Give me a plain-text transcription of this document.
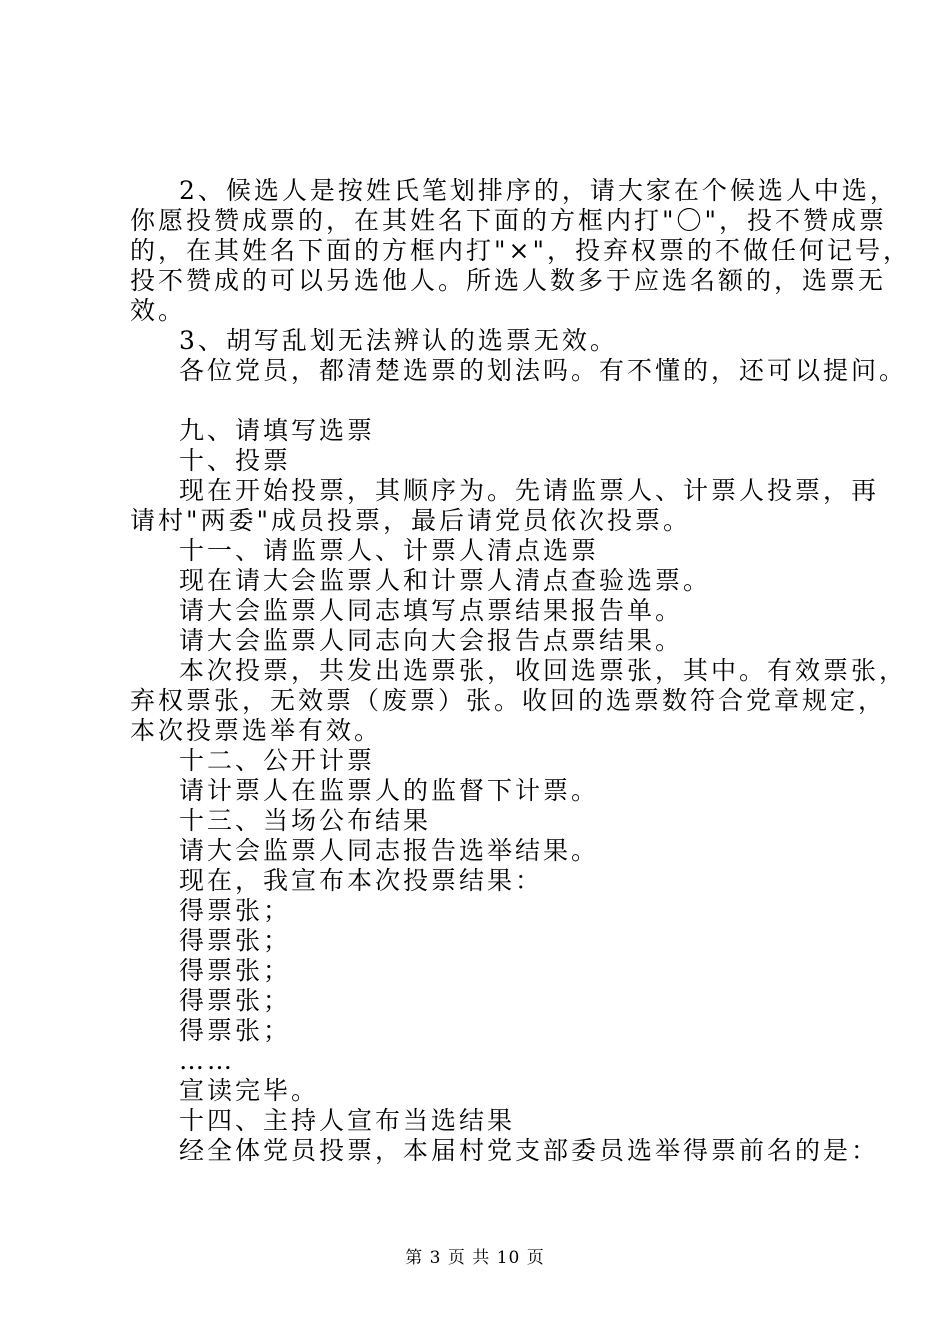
2、候选人是按姓氏笔划排序的，请大家在个候选人中选，
你愿投赞成票的，在其姓名下面的方框内打"〇"，投不赞成票
的，在其姓名下面的方框内打"×"，投弃权票的不做任何记号，
投不赞成的可以另选他人。所选人数多于应选名额的，选票无
效。
3、胡写乱划无法辨认的选票无效。
各位党员，都清楚选票的划法吗。有不懂的，还可以提问。
九、请填写选票
十、投票
现在开始投票，其顺序为。先请监票人、计票人投票，再
请村"两委"成员投票，最后请党员依次投票。
十一、请监票人、计票人清点选票
现在请大会监票人和计票人清点查验选票。
请大会监票人同志填写点票结果报告单。
请大会监票人同志向大会报告点票结果。
本次投票，共发出选票张，收回选票张，其中。有效票张，
弃权票张，无效票（废票）张。收回的选票数符合党章规定，
本次投票选举有效。
十二、公开计票
请计票人在监票人的监督下计票。
十三、当场公布结果
请大会监票人同志报告选举结果。
现在，我宣布本次投票结果：
得票张；
得票张；
得票张；
得票张；
得票张；
……
宣读完毕。
十四、主持人宣布当选结果
经全体党员投票，本届村党支部委员选举得票前名的是：
第 3 页 共 10 页
